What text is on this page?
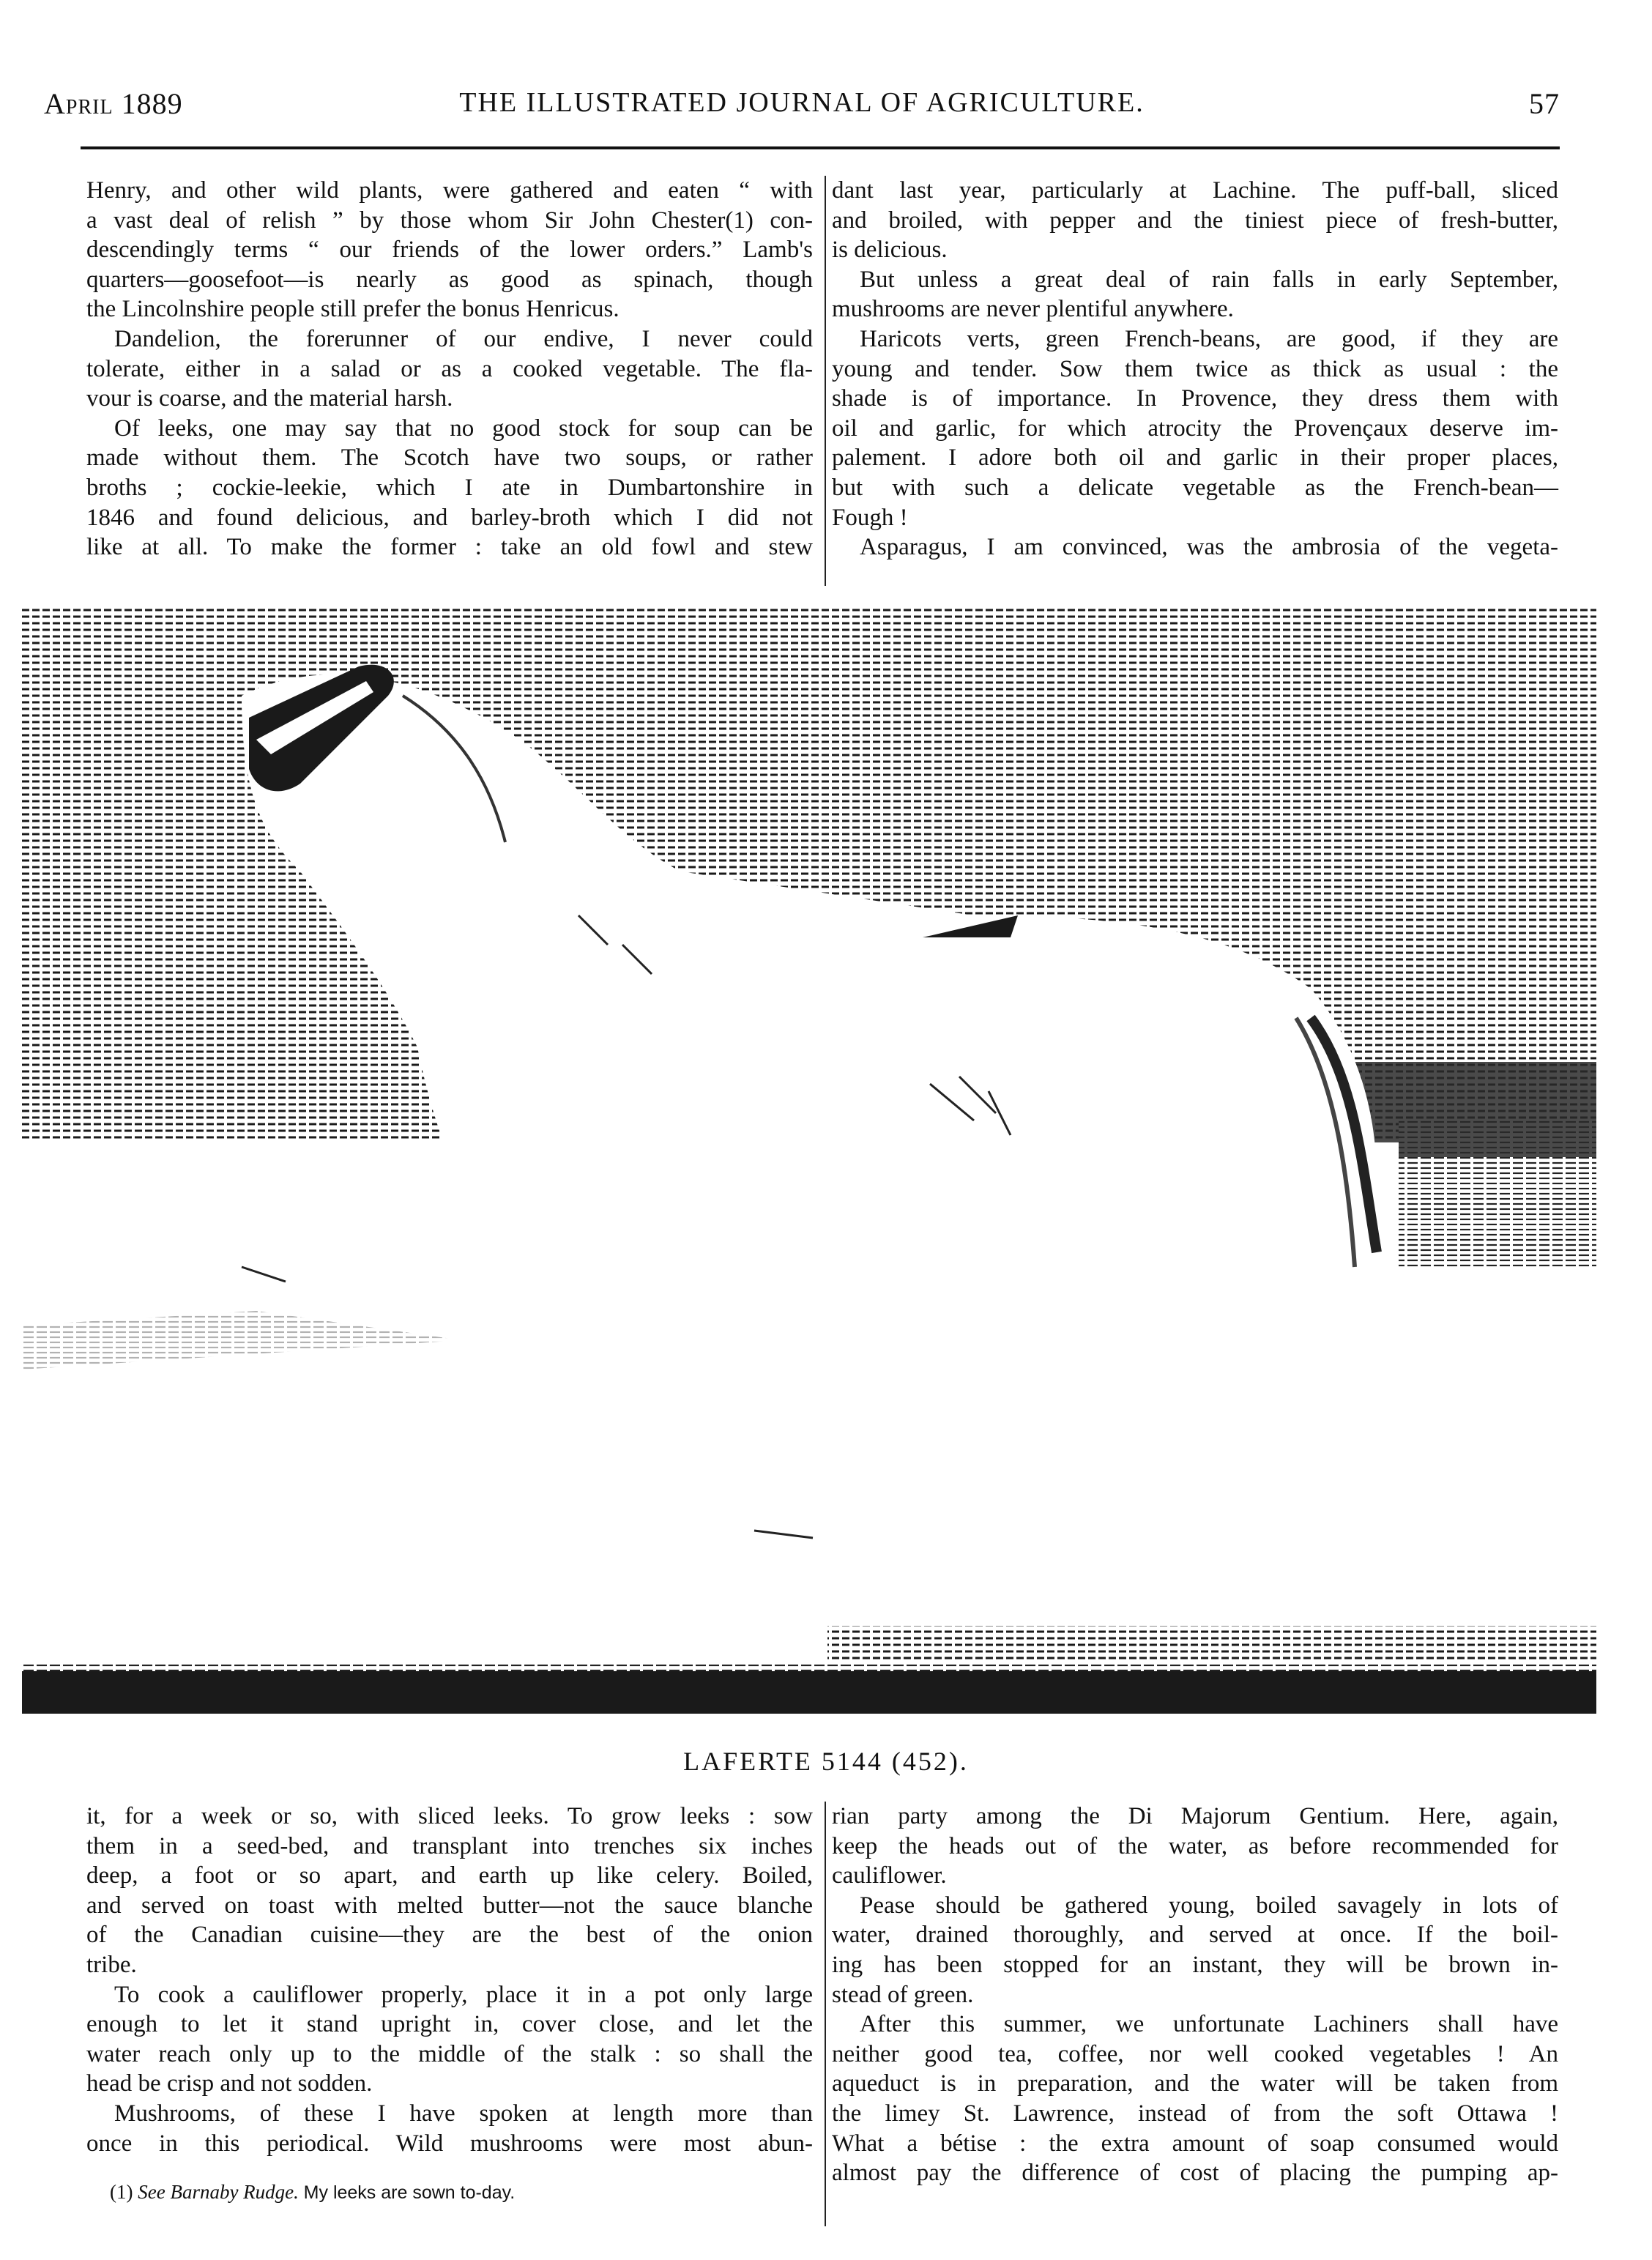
April 1889	THE ILLUSTRATED JOURNAL OF AGRICULTURE.	57
Henry, and other wild plants, were gathered and eaten “ with
a vast deal of relish ” by those whom Sir John Chester(1) con-
descendingly terms “ our friends of the lower orders.” Lamb's
quarters—goosefoot—is nearly as good as spinach, though
the Lincolnshire people still prefer the bonus Henricus.
Dandelion, the forerunner of our endive, I never could
tolerate, either in a salad or as a cooked vegetable. The fla-
vour is coarse, and the material harsh.
Of leeks, one may say that no good stock for soup can be
made without them. The Scotch have two soups, or rather
broths ; cockie-leekie, which I ate in Dumbartonshire in
1846 and found delicious, and barley-broth which I did not
like at all. To make the former : take an old fowl and stew
dant last year, particularly at Lachine. The puff-ball, sliced
and broiled, with pepper and the tiniest piece of fresh-butter,
is delicious.
But unless a great deal of rain falls in early September,
mushrooms are never plentiful anywhere.
Haricots verts, green French-beans, are good, if they are
young and tender. Sow them twice as thick as usual : the
shade is of importance. In Provence, they dress them with
oil and garlic, for which atrocity the Provençaux deserve im-
palement. I adore both oil and garlic in their proper places,
but with such a delicate vegetable as the French-bean—
Fough !
Asparagus, I am convinced, was the ambrosia of the vegeta-
LAFERTE 5144 (452).
it, for a week or so, with sliced leeks. To grow leeks : sow
them in a seed-bed, and transplant into trenches six inches
deep, a foot or so apart, and earth up like celery. Boiled,
and served on toast with melted butter—not the sauce blanche
of the Canadian cuisine—they are the best of the onion
tribe.
To cook a cauliflower properly, place it in a pot only large
enough to let it stand upright in, cover close, and let the
water reach only up to the middle of the stalk : so shall the
head be crisp and not sodden.
Mushrooms, of these I have spoken at length more than
once in this periodical. Wild mushrooms were most abun-
rian party among the Di Majorum Gentium. Here, again,
keep the heads out of the water, as before recommended for
cauliflower.
Pease should be gathered young, boiled savagely in lots of
water, drained thoroughly, and served at once. If the boil-
ing has been stopped for an instant, they will be brown in-
stead of green.
After this summer, we unfortunate Lachiners shall have
neither good tea, coffee, nor well cooked vegetables ! An
aqueduct is in preparation, and the water will be taken from
the limey St. Lawrence, instead of from the soft Ottawa !
What a bétise : the extra amount of soap consumed would
almost pay the difference of cost of placing the pumping ap-
(1) See Barnaby Rudge. My leeks are sown to-day.
